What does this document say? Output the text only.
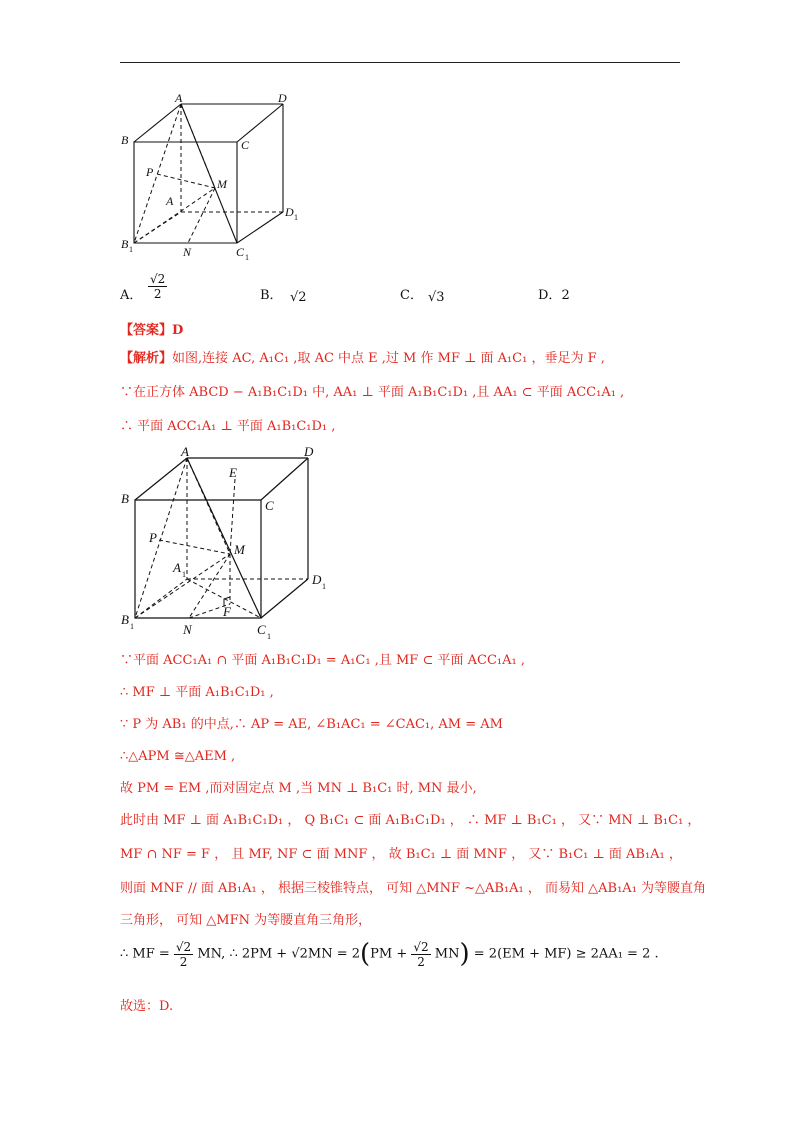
A	D
B	C
P
M
A
D 1
B 1	N	C 1
A． $\frac{√2}{2}$	B． √2	C． √3	D．2
【答案】D
【解析】如图,连接 AC, A₁C₁ ,取 AC 中点 E ,过 M 作 MF ⊥ 面 A₁C₁ ，垂足为 F ,
∵在正方体 ABCD − A₁B₁C₁D₁ 中, AA₁ ⊥ 平面 A₁B₁C₁D₁ ,且 AA₁ ⊂ 平面 ACC₁A₁ ,
∴ 平面 ACC₁A₁ ⊥ 平面 A₁B₁C₁D₁ ,
A
E
D
B	C
P
M
A 1	D 1
F
B 1	N	C 1
∵平面 ACC₁A₁ ∩ 平面 A₁B₁C₁D₁ = A₁C₁ ,且 MF ⊂ 平面 ACC₁A₁ ,
∴ MF ⊥ 平面 A₁B₁C₁D₁ ,
∵ P 为 AB₁ 的中点,∴ AP = AE, ∠B₁AC₁ = ∠CAC₁, AM = AM
∴△APM ≅△AEM ,
故 PM = EM ,而对固定点 M ,当 MN ⊥ B₁C₁ 时, MN 最小,
此时由 MF ⊥ 面 A₁B₁C₁D₁ ， Q B₁C₁ ⊂ 面 A₁B₁C₁D₁ ， ∴ MF ⊥ B₁C₁ ， 又∵ MN ⊥ B₁C₁ ，
MF ∩ NF = F ， 且 MF, NF ⊂ 面 MNF ， 故 B₁C₁ ⊥ 面 MNF ， 又∵ B₁C₁ ⊥ 面 AB₁A₁ ，
则面 MNF // 面 AB₁A₁ ， 根据三棱锥特点， 可知 △MNF ~△AB₁A₁ ， 而易知 △AB₁A₁ 为等腰直角
三角形， 可知 △MFN 为等腰直角三角形，
∴ MF = $\frac{√2}{2}$ MN, ∴ $2PM + √2MN = 2(PM + \frac{√2}{2} MN) = 2(EM + MF) \ge 2AA_1 = 2$ .
故选：D.
